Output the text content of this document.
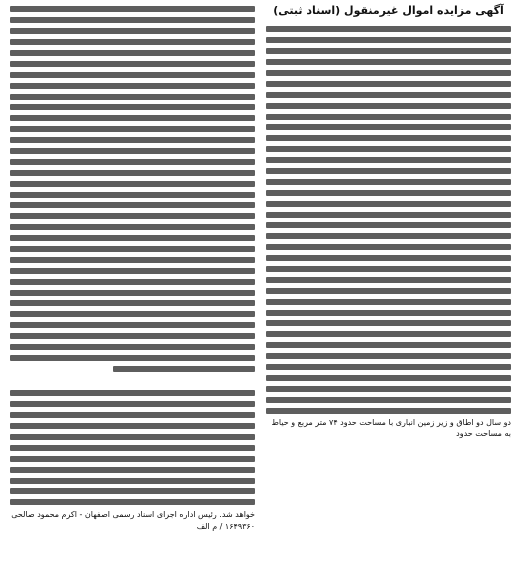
آگهی مزایده اموال غیرمنقول (اسناد ثبتی)
دو سال دو اطاق و زیر زمین انباری با مساحت حدود ۷۴ متر مربع و حیاط به مساحت حدود
خواهد شد. رئیس اداره اجرای اسناد رسمی اصفهان - اکرم محمود صالحی
۱۶۴۹۳۶۰ / م الف
